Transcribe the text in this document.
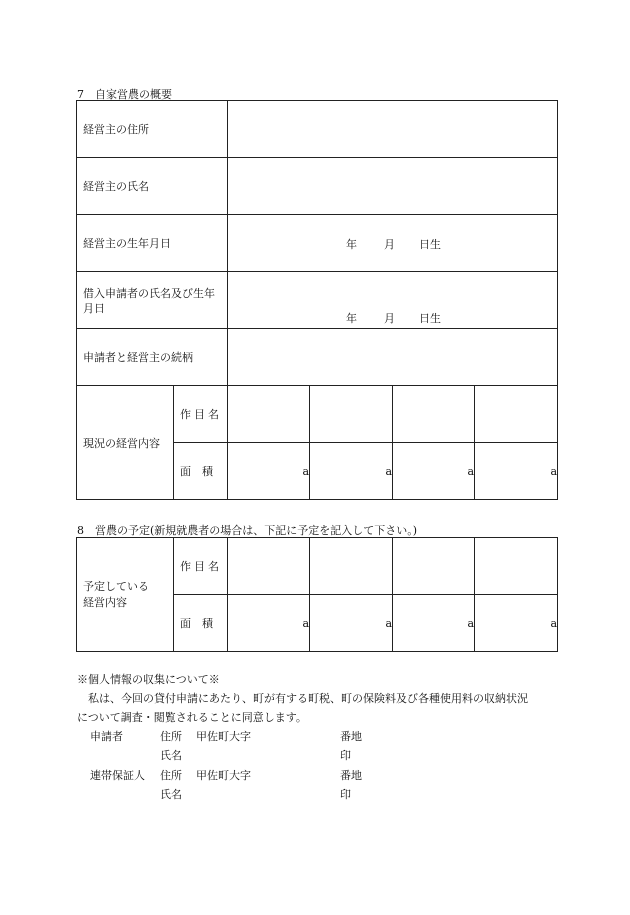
7　自家営農の概要
経営主の住所					
経営主の氏名					
経営主の生年月日		年 月 日生			

借入申請者の氏名及び生年月日		年 月 日生			

申請者と経営主の続柄					
現況の経営内容	作目名				
	面　積	a	a	a	a
8　営農の予定(新規就農者の場合は、下記に予定を記入して下さい。)
予定している経営内容	作目名				
	面　積	a	a	a	a
※個人情報の収集について※
　私は、今回の貸付申請にあたり、町が有する町税、町の保険料及び各種使用料の収納状況
について調査・閲覧されることに同意します。
申請者	住所 甲佐町大字	番地
氏名	印
連帯保証人 住所 甲佐町大字	番地
氏名	印
